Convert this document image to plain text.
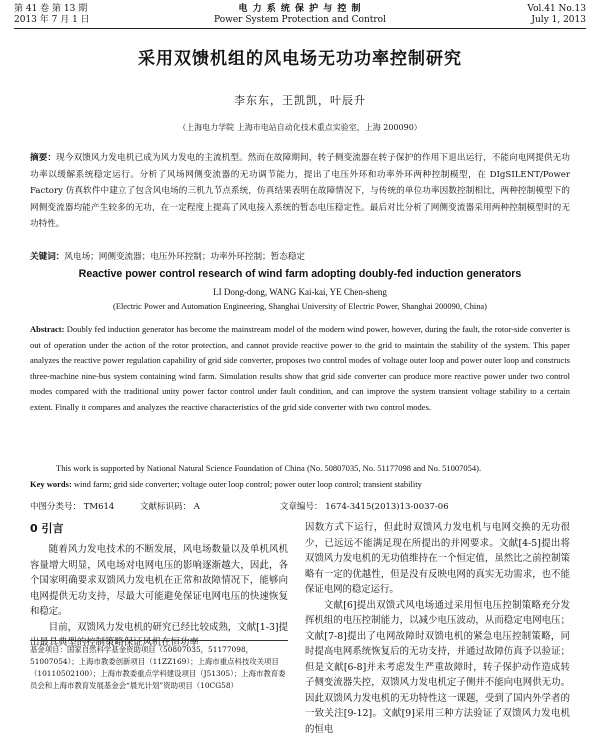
第 41 卷 第 13 期
2013 年 7 月 1 日
电 力 系 统 保 护 与 控 制
Power System Protection and Control
Vol.41 No.13
July 1, 2013
采用双馈机组的风电场无功功率控制研究
李东东，王凯凯，叶辰升
（上海电力学院 上海市电站自动化技术重点实验室，上海 200090）
摘要：现今双馈风力发电机已成为风力发电的主流机型。然而在故障期间，转子侧变流器在转子保护的作用下退出运行，不能向电网提供无功功率以缓解系统稳定运行。分析了风场网侧变流器的无功调节能力，提出了电压外环和功率外环两种控制模型，在 DIgSILENT/Power Factory 仿真软件中建立了包含风电场的三机九节点系统，仿真结果表明在故障情况下，与传统的单位功率因数控制相比，两种控制模型下的网侧变流器均能产生较多的无功，在一定程度上提高了风电接入系统的暂态电压稳定性。最后对比分析了网侧变流器采用两种控制模型时的无功特性。
关键词：风电场；网侧变流器；电压外环控制；功率外环控制；暂态稳定
Reactive power control research of wind farm adopting doubly-fed induction generators
LI Dong-dong, WANG Kai-kai, YE Chen-sheng
(Electric Power and Automation Engineering, Shanghai University of Electric Power, Shanghai 200090, China)
Abstract: Doubly fed induction generator has become the mainstream model of the modern wind power, however, during the fault, the rotor-side converter is out of operation under the action of the rotor protection, and cannot provide reactive power to the grid to maintain the stability of the system. This paper analyzes the reactive power regulation capability of grid side converter, proposes two control modes of voltage outer loop and power outer loop and constructs three-machine nine-bus system containing wind farm. Simulation results show that grid side converter can produce more reactive power under two control modes compared with the traditional unity power factor control under fault condition, and can improve the system transient voltage stability to a certain extent. Finally it compares and analyzes the reactive characteristics of the grid side converter with two control modes.
This work is supported by National Natural Science Foundation of China (No. 50807035, No. 51177098 and No. 51007054).
Key words: wind farm; grid side converter; voltage outer loop control; power outer loop control; transient stability
中图分类号： TM614	文献标识码： A	文章编号： 1674-3415(2013)13-0037-06
0 引言

随着风力发电技术的不断发展，风电场数量以及单机风机容量增大明显，风电场对电网电压的影响逐渐越大，因此，各个国家明确要求双馈风力发电机在正常和故障情况下，能够向电网提供无功支持，尽最大可能避免保证电网电压的快速恢复和稳定。

目前，双馈风力发电机的研究已经比较成熟，文献[1-3]提出最具典型的控制策略保证风机在恒功率

因数方式下运行，但此时双馈风力发电机与电网交换的无功很少，已远远不能满足现在所提出的并网要求。文献[4-5]提出将双馈风力发电机的无功值维持在一个恒定值，虽然比之前控制策略有一定的优越性，但是没有反映电网的真实无功需求，也不能保证电网的稳定运行。

文献[6]提出双馈式风电场通过采用恒电压控制策略充分发挥机组的电压控制能力，以减少电压波动，从而稳定电网电压；文献[7-8]提出了电网故障时双馈电机的紧急电压控制策略，同时提高电网系统恢复后的无功支持，并通过故障仿真予以验证；但是文献[6-8]并未考虑发生严重故障时，转子保护动作造成转子侧变流器失控，双馈风力发电机定子侧并不能向电网供无功。因此双馈风力发电机的无功特性这一课题，受到了国内外学者的一致关注[9-12]。文献[9]采用三种方法验证了双馈风力发电机的恒电

基金项目：国家自然科学基金资助项目（50807035，51177098，51007054）；上海市教委创新项目（11ZZ169）；上海市重点科技攻关项目（10110502100）；上海市教委重点学科建设项目（J51305）；上海市教育委员会和上海市教育发展基金会“晨光计划”资助项目（10CG58）
